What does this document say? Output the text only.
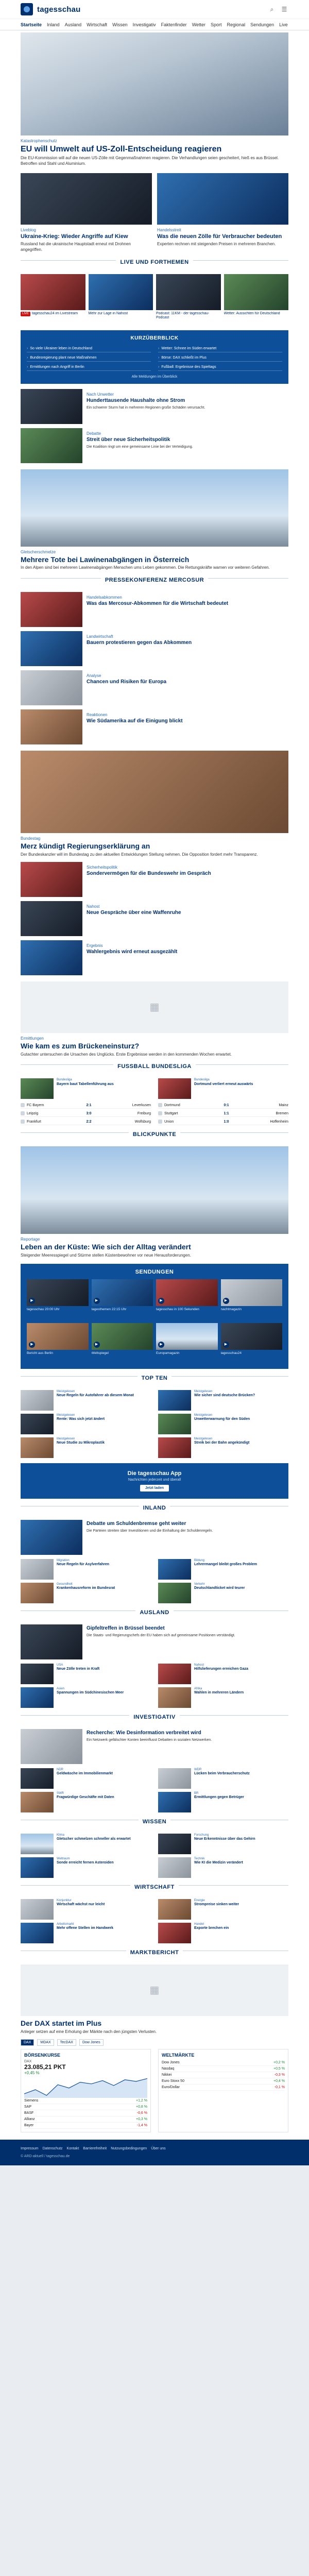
tagesschau	⌕	☰
Startseite Inland Ausland Wirtschaft Wissen Investigativ Faktenfinder Wetter Sport Regional Sendungen Live
Katastrophenschutz
EU will Umwelt auf US-Zoll-Entscheidung reagieren
Die EU-Kommission will auf die neuen US-Zölle mit Gegenmaßnahmen reagieren. Die Verhandlungen seien gescheitert, hieß es aus Brüssel. Betroffen sind Stahl und Aluminium.
Liveblog
Ukraine-Krieg: Wieder Angriffe auf Kiew
Russland hat die ukrainische Hauptstadt erneut mit Drohnen angegriffen.
Handelsstreit
Was die neuen Zölle für Verbraucher bedeuten
Experten rechnen mit steigenden Preisen in mehreren Branchen.
LIVE UND FORTHEMEN
LIVE tagesschau24 im Livestream	Mehr zur Lage in Nahost	Podcast: 11KM - der tagesschau-Podcast
Wetter: Aussichten für Deutschland
KURZÜBERBLICK
› So viele Ukrainer leben in Deutschland	› Wetter: Schnee im Süden erwartet
› Bundesregierung plant neue Maßnahmen	› Börse: DAX schließt im Plus
› Ermittlungen nach Angriff in Berlin	› Fußball: Ergebnisse des Spieltags
Alle Meldungen im Überblick
Nach Unwetter
Hunderttausende Haushalte ohne Strom
Ein schwerer Sturm hat in mehreren Regionen große Schäden verursacht.
Debatte
Streit über neue Sicherheitspolitik
Die Koalition ringt um eine gemeinsame Linie bei der Verteidigung.
Gletscherschmelze
Mehrere Tote bei Lawinenabgängen in Österreich
In den Alpen sind bei mehreren Lawinenabgängen Menschen ums Leben gekommen. Die Rettungskräfte warnen vor weiteren Gefahren.
PRESSEKONFERENZ MERCOSUR
Handelsabkommen
Was das Mercosur-Abkommen für die Wirtschaft bedeutet
Landwirtschaft
Bauern protestieren gegen das Abkommen
Analyse
Chancen und Risiken für Europa
Reaktionen
Wie Südamerika auf die Einigung blickt
Bundestag
Merz kündigt Regierungserklärung an
Der Bundeskanzler will im Bundestag zu den aktuellen Entwicklungen Stellung nehmen. Die Opposition fordert mehr Transparenz.
Sicherheitspolitik
Sondervermögen für die Bundeswehr im Gespräch
Nahost
Neue Gespräche über eine Waffenruhe
Ergebnis
Wahlergebnis wird erneut ausgezählt
▦
Ermittlungen
Wie kam es zum Brückeneinsturz?
Gutachter untersuchen die Ursachen des Unglücks. Erste Ergebnisse werden in den kommenden Wochen erwartet.
FUSSBALL BUNDESLIGA
Bundesliga
Bayern baut Tabellenführung aus
Bundesliga
Dortmund verliert erneut auswärts
FC Bayern	2:1	Leverkusen	Dortmund	0:1	Mainz
Leipzig	3:0	Freiburg	Stuttgart	1:1	Bremen
Frankfurt	2:2	Wolfsburg	Union	1:0	Hoffenheim
BLICKPUNKTE
Reportage
Leben an der Küste: Wie sich der Alltag verändert
Steigender Meeresspiegel und Stürme stellen Küstenbewohner vor neue Herausforderungen.
SENDUNGEN
▶
tagesschau 20:00 Uhr
▶
tagesthemen 22:15 Uhr
▶
tagesschau in 100 Sekunden
▶
nachtmagazin
▶
Bericht aus Berlin
▶
Weltspiegel
▶
Europamagazin
▶
tagesschau24
TOP TEN
Meistgelesen
Neue Regeln für Autofahrer ab diesem Monat
Meistgelesen
Wie sicher sind deutsche Brücken?
Meistgelesen
Rente: Was sich jetzt ändert
Meistgelesen
Unwetterwarnung für den Süden
Meistgelesen
Neue Studie zu Mikroplastik
Meistgelesen
Streik bei der Bahn angekündigt
Die tagesschau App
Nachrichten jederzeit und überall
Jetzt laden
INLAND
Debatte um Schuldenbremse geht weiter
Die Parteien streiten über Investitionen und die Einhaltung der Schuldenregeln.
Migration
Neue Regeln für Asylverfahren
Bildung
Lehrermangel bleibt großes Problem
Gesundheit
Krankenhausreform im Bundesrat
Verkehr
Deutschlandticket wird teurer
AUSLAND
Gipfeltreffen in Brüssel beendet
Die Staats- und Regierungschefs der EU haben sich auf gemeinsame Positionen verständigt.
USA
Neue Zölle treten in Kraft
Nahost
Hilfslieferungen erreichen Gaza
Asien
Spannungen im Südchinesischen Meer
Afrika
Wahlen in mehreren Ländern
INVESTIGATIV
Recherche: Wie Desinformation verbreitet wird
Ein Netzwerk gefälschter Konten beeinflusst Debatten in sozialen Netzwerken.
NDR
Geldwäsche im Immobilienmarkt
WDR
Lücken beim Verbraucherschutz
SWR
Fragwürdige Geschäfte mit Daten
BR
Ermittlungen gegen Betrüger
WISSEN
Klima
Gletscher schmelzen schneller als erwartet
Forschung
Neue Erkenntnisse über das Gehirn
Weltraum
Sonde erreicht fernen Asteroiden
Technik
Wie KI die Medizin verändert
WIRTSCHAFT
Konjunktur
Wirtschaft wächst nur leicht
Energie
Strompreise sinken weiter
Arbeitsmarkt
Mehr offene Stellen im Handwerk
Handel
Exporte brechen ein
MARKTBERICHT
▦
Der DAX startet im Plus
Anleger setzen auf eine Erholung der Märkte nach den jüngsten Verlusten.
DAX	MDAX	TecDAX	Dow Jones
BÖRSENKURSE
DAX
23.085,21 PKT
+0,45 %
Siemens	+1,2 %
SAP	+0,8 %
BASF	-0,6 %
Allianz	+0,3 %
Bayer	-1,4 %
WELTMÄRKTE
Dow Jones	+0,2 %
Nasdaq	+0,5 %
Nikkei	-0,3 %
Euro Stoxx 50	+0,4 %
Euro/Dollar	-0,1 %
Impressum Datenschutz Kontakt Barrierefreiheit Nutzungsbedingungen Über uns
© ARD-aktuell / tagesschau.de
